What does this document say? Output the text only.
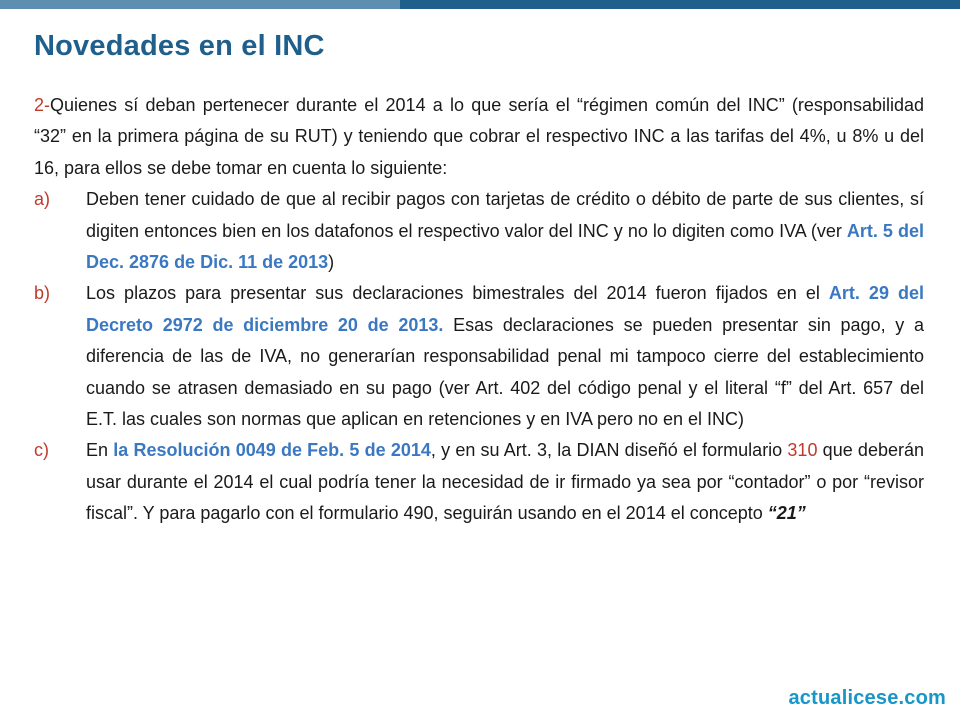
Novedades en el INC

2-Quienes sí deban pertenecer durante el 2014 a lo que sería el “régimen común del INC” (responsabilidad “32” en la primera página de su RUT) y teniendo que cobrar el respectivo INC a las tarifas del 4%, u 8% u del 16, para ellos se debe tomar en cuenta lo siguiente:

a) Deben tener cuidado de que al recibir pagos con tarjetas de crédito o débito de parte de sus clientes, sí digiten entonces bien en los datafonos el respectivo valor del INC y no lo digiten como IVA (ver Art. 5 del Dec. 2876 de Dic. 11 de 2013)
b) Los plazos para presentar sus declaraciones bimestrales del 2014 fueron fijados en el Art. 29 del Decreto 2972 de diciembre 20 de 2013. Esas declaraciones se pueden presentar sin pago, y a diferencia de las de IVA, no generarían responsabilidad penal mi tampoco cierre del establecimiento cuando se atrasen demasiado en su pago (ver Art. 402 del código penal y el literal “f” del Art. 657 del E.T. las cuales son normas que aplican en retenciones y en IVA pero no en el INC)
c) En la Resolución 0049 de Feb. 5 de 2014, y en su Art. 3, la DIAN diseñó el formulario 310 que deberán usar durante el 2014 el cual podría tener la necesidad de ir firmado ya sea por “contador” o por “revisor fiscal”. Y para pagarlo con el formulario 490, seguirán usando en el 2014 el concepto “21”
actualicese.com
